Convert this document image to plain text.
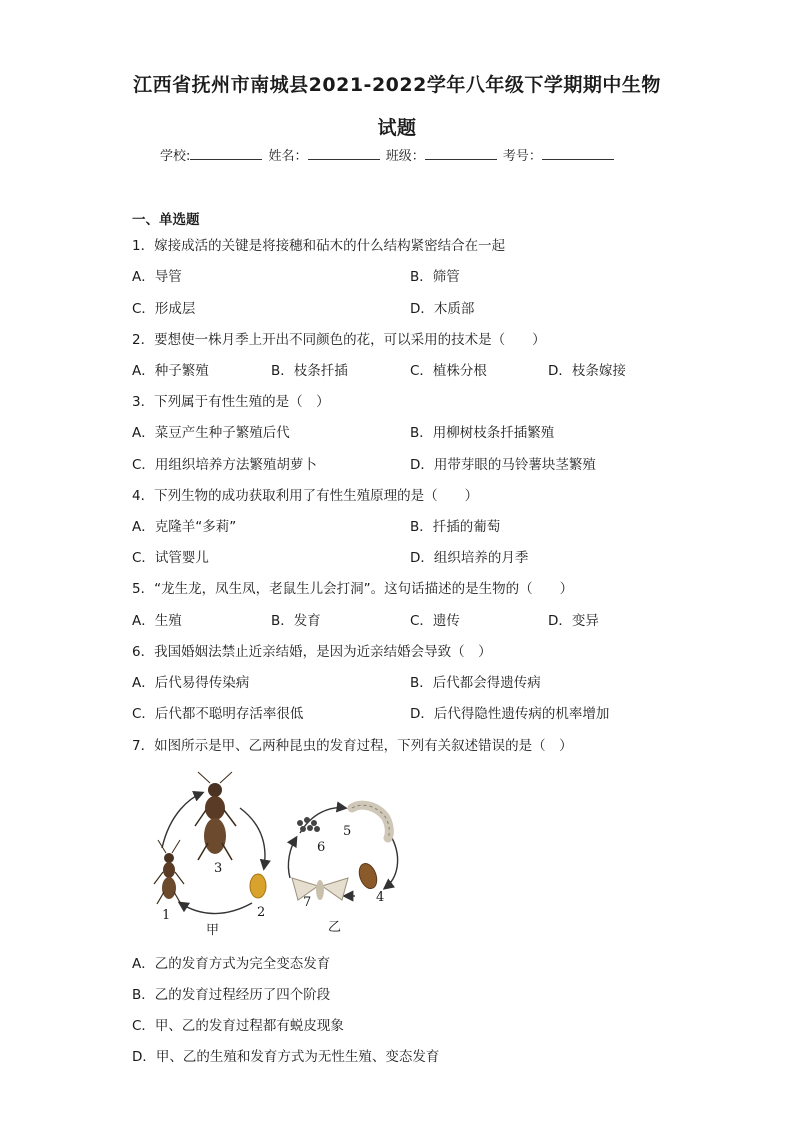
江西省抚州市南城县2021-2022学年八年级下学期期中生物
试题
学校:	姓名：	班级：	考号：
一、单选题
1．嫁接成活的关键是将接穗和砧木的什么结构紧密结合在一起
A．导管	B．筛管
C．形成层	D．木质部
2．要想使一株月季上开出不同颜色的花，可以采用的技术是（　　）
A．种子繁殖	B．枝条扦插	C．植株分根	D．枝条嫁接
3．下列属于有性生殖的是（　）
A．菜豆产生种子繁殖后代	B．用柳树枝条扦插繁殖
C．用组织培养方法繁殖胡萝卜	D．用带芽眼的马铃薯块茎繁殖
4．下列生物的成功获取利用了有性生殖原理的是（　　）
A．克隆羊“多莉”	B．扦插的葡萄
C．试管婴儿	D．组织培养的月季
5．“龙生龙，凤生凤，老鼠生儿会打洞”。这句话描述的是生物的（　　）
A．生殖	B．发育	C．遗传	D．变异
6．我国婚姻法禁止近亲结婚，是因为近亲结婚会导致（　）
A．后代易得传染病	B．后代都会得遗传病
C．后代都不聪明存活率很低	D．后代得隐性遗传病的机率增加
7．如图所示是甲、乙两种昆虫的发育过程，下列有关叙述错误的是（　）
1	2
3
4
5
6
7
甲	乙
A．乙的发育方式为完全变态发育
B．乙的发育过程经历了四个阶段
C．甲、乙的发育过程都有蜕皮现象
D．甲、乙的生殖和发育方式为无性生殖、变态发育
